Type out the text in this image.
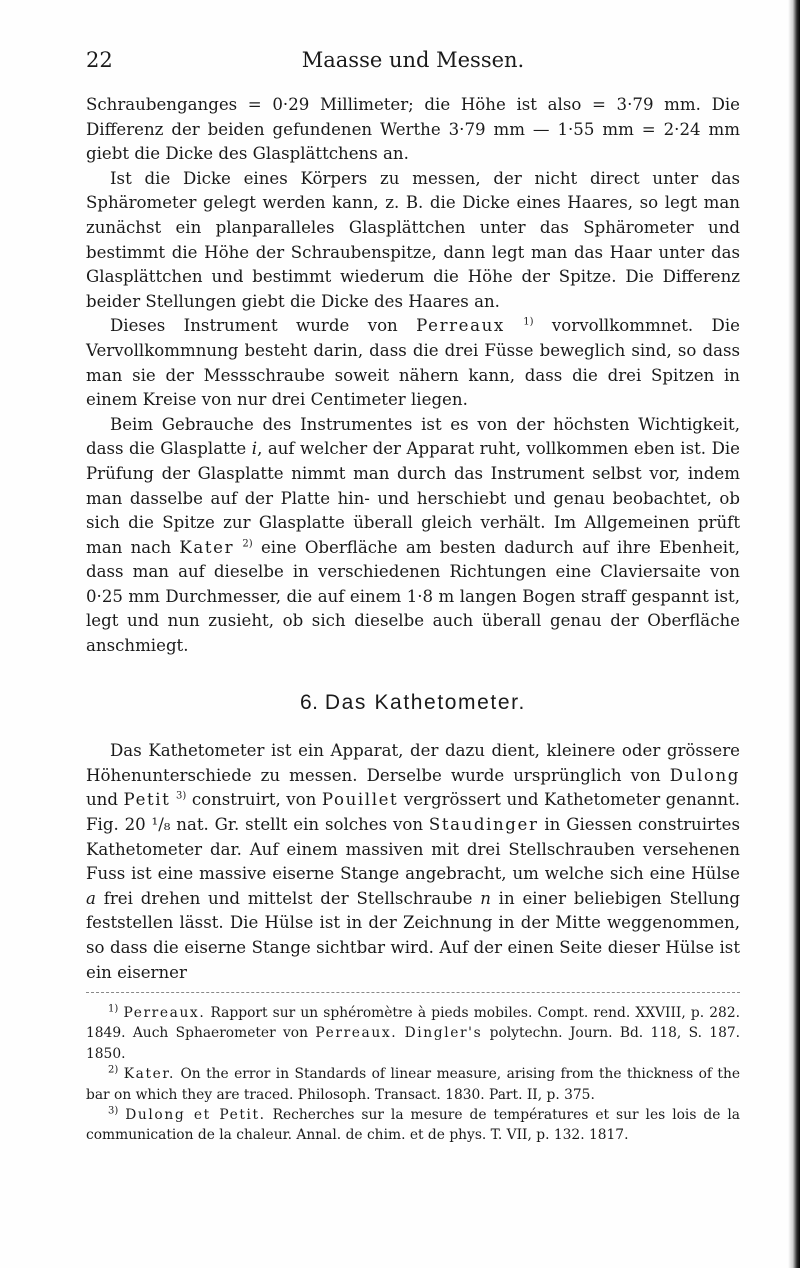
22	Maasse und Messen.

Schraubenganges = 0·29 Millimeter; die Höhe ist also = 3·79 mm. Die Differenz der beiden gefundenen Werthe 3·79 mm — 1·55 mm = 2·24 mm giebt die Dicke des Glasplättchens an.

Ist die Dicke eines Körpers zu messen, der nicht direct unter das Sphärometer gelegt werden kann, z. B. die Dicke eines Haares, so legt man zunächst ein planparalleles Glasplättchen unter das Sphärometer und bestimmt die Höhe der Schraubenspitze, dann legt man das Haar unter das Glasplättchen und bestimmt wiederum die Höhe der Spitze. Die Differenz beider Stellungen giebt die Dicke des Haares an.

Dieses Instrument wurde von Perreaux $^{1)}$ vorvollkommnet. Die Vervollkommnung besteht darin, dass die drei Füsse beweglich sind, so dass man sie der Messschraube soweit nähern kann, dass die drei Spitzen in einem Kreise von nur drei Centimeter liegen.

Beim Gebrauche des Instrumentes ist es von der höchsten Wichtigkeit, dass die Glasplatte i, auf welcher der Apparat ruht, vollkommen eben ist. Die Prüfung der Glasplatte nimmt man durch das Instrument selbst vor, indem man dasselbe auf der Platte hin- und herschiebt und genau beobachtet, ob sich die Spitze zur Glasplatte überall gleich verhält. Im Allgemeinen prüft man nach Kater $^{2)}$ eine Oberfläche am besten dadurch auf ihre Ebenheit, dass man auf dieselbe in verschiedenen Richtungen eine Claviersaite von 0·25 mm Durchmesser, die auf einem 1·8 m langen Bogen straff gespannt ist, legt und nun zusieht, ob sich dieselbe auch überall genau der Oberfläche anschmiegt.

6. Das Kathetometer.

Das Kathetometer ist ein Apparat, der dazu dient, kleinere oder grössere Höhenunterschiede zu messen. Derselbe wurde ursprünglich von Dulong und Petit $^{3)}$ construirt, von Pouillet vergrössert und Kathetometer genannt. Fig. 20 ¹/₈ nat. Gr. stellt ein solches von Staudinger in Giessen construirtes Kathetometer dar. Auf einem massiven mit drei Stellschrauben versehenen Fuss ist eine massive eiserne Stange angebracht, um welche sich eine Hülse a frei drehen und mittelst der Stellschraube n in einer beliebigen Stellung feststellen lässt. Die Hülse ist in der Zeichnung in der Mitte weggenommen, so dass die eiserne Stange sichtbar wird. Auf der einen Seite dieser Hülse ist ein eiserner

$^{1)}$ Perreaux. Rapport sur un sphéromètre à pieds mobiles. Compt. rend. XXVIII, p. 282. 1849. Auch Sphaerometer von Perreaux. Dingler's polytechn. Journ. Bd. 118, S. 187. 1850.

$^{2)}$ Kater. On the error in Standards of linear measure, arising from the thickness of the bar on which they are traced. Philosoph. Transact. 1830. Part. II, p. 375.

$^{3)}$ Dulong et Petit. Recherches sur la mesure de températures et sur les lois de la communication de la chaleur. Annal. de chim. et de phys. T. VII, p. 132. 1817.
